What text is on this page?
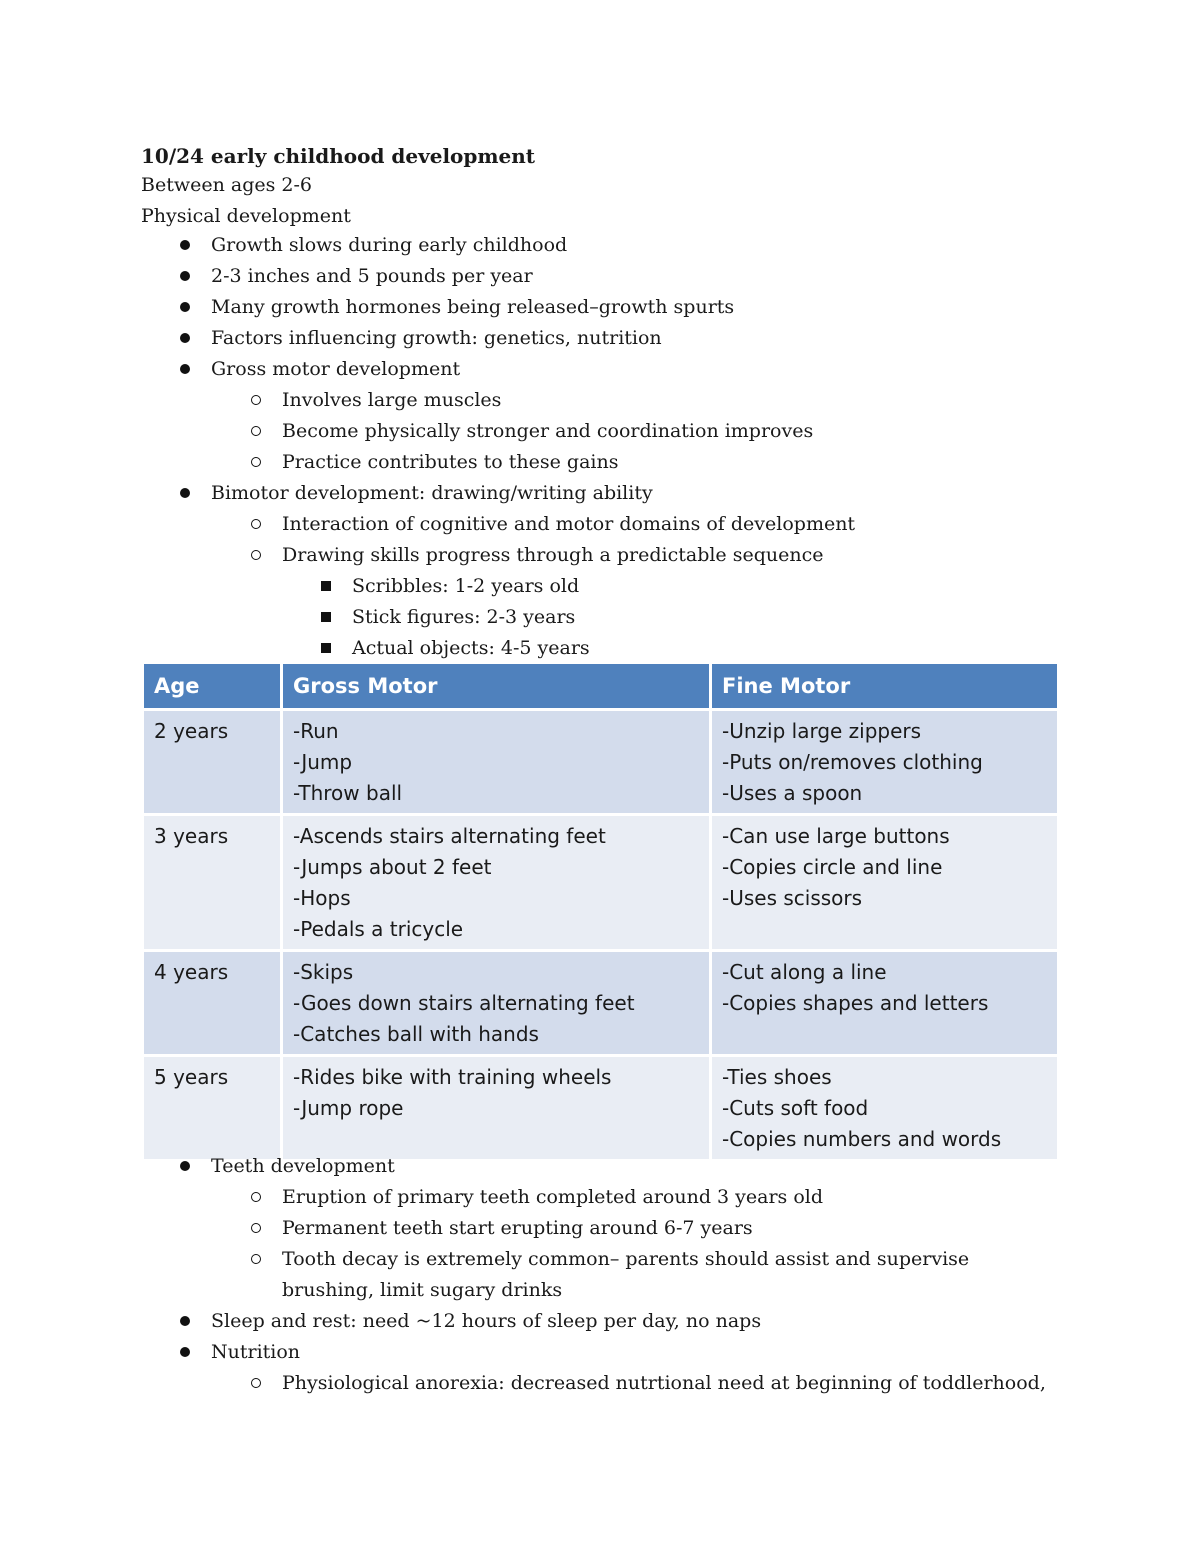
10/24 early childhood development
Between ages 2-6
Physical development
Growth slows during early childhood
2-3 inches and 5 pounds per year
Many growth hormones being released–growth spurts
Factors influencing growth: genetics, nutrition
Gross motor development
Involves large muscles
Become physically stronger and coordination improves
Practice contributes to these gains
Bimotor development: drawing/writing ability
Interaction of cognitive and motor domains of development
Drawing skills progress through a predictable sequence
Scribbles: 1-2 years old
Stick figures: 2-3 years
Actual objects: 4-5 years
Age	Gross Motor	Fine Motor

2 years	-Run
-Jump
-Throw ball	-Unzip large zippers
-Puts on/removes clothing
-Uses a spoon

3 years	-Ascends stairs alternating feet
-Jumps about 2 feet
-Hops
-Pedals a tricycle	-Can use large buttons
-Copies circle and line
-Uses scissors

4 years	-Skips
-Goes down stairs alternating feet
-Catches ball with hands	-Cut along a line
-Copies shapes and letters

5 years	-Rides bike with training wheels
-Jump rope	-Ties shoes
-Cuts soft food
-Copies numbers and words
Teeth development
Eruption of primary teeth completed around 3 years old
Permanent teeth start erupting around 6-7 years
Tooth decay is extremely common– parents should assist and supervise brushing, limit sugary drinks
Sleep and rest: need ~12 hours of sleep per day, no naps
Nutrition
Physiological anorexia: decreased nutrtional need at beginning of toddlerhood,
